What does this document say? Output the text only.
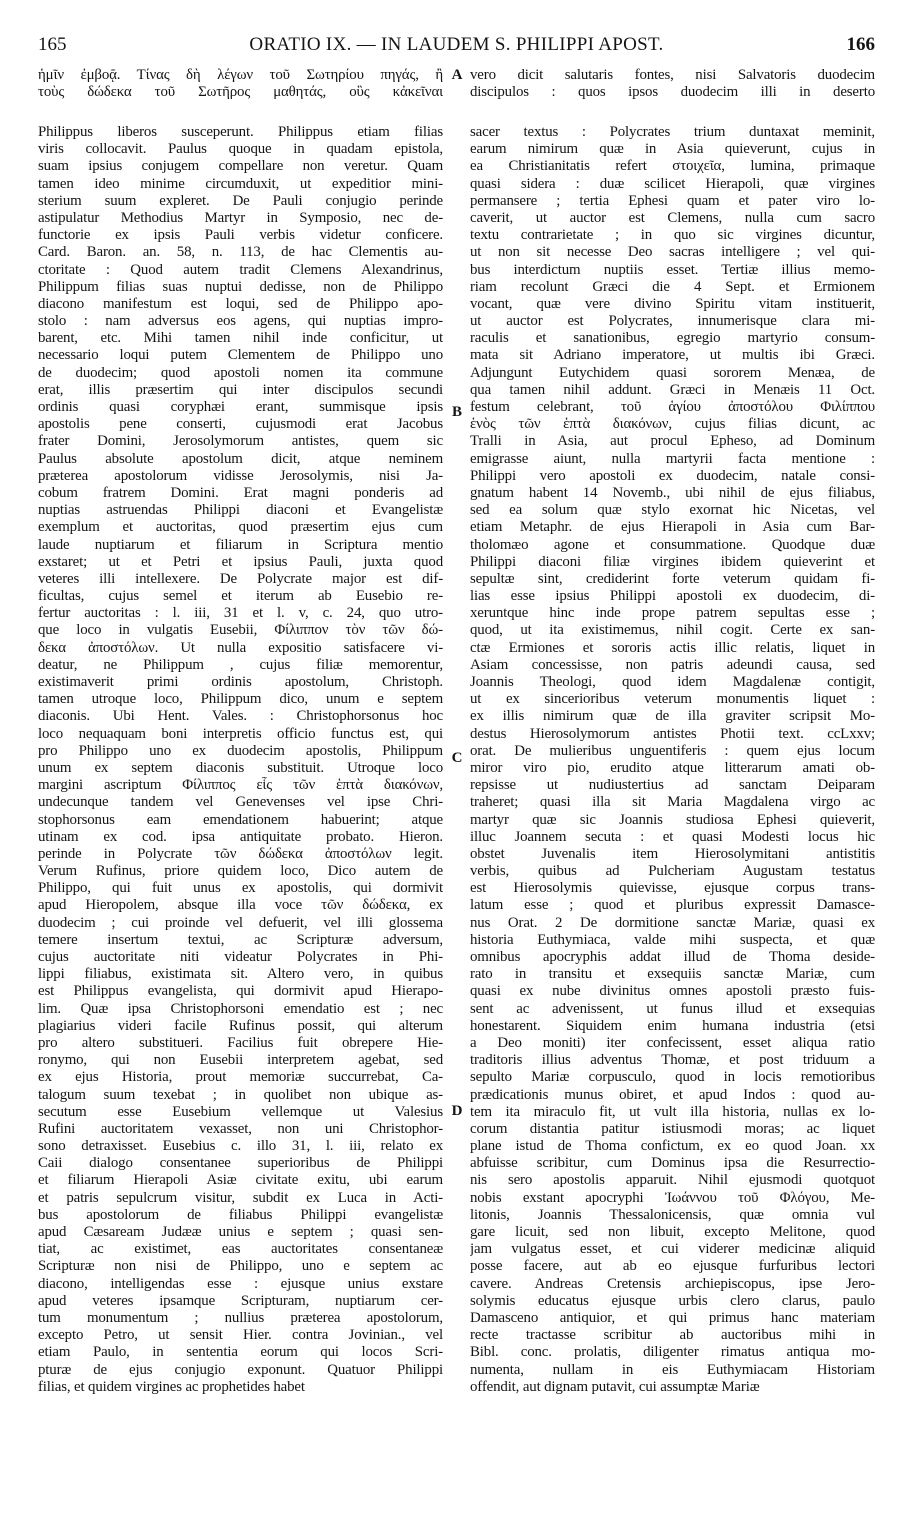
165	ORATIO IX. — IN LAUDEM S. PHILIPPI APOST.	166
ἡμῖν ἐμβοᾷ. Τίνας δὴ λέγων τοῦ Σωτηρίου πηγάς, ἢ
τοὺς δώδεκα τοῦ Σωτῆρος μαθητάς, οὓς κἀκεῖναι
vero dicit salutaris fontes, nisi Salvatoris duodecim
discipulos : quos ipsos duodecim illi in deserto
Philippus liberos susceperunt. Philippus etiam filias
viris collocavit. Paulus quoque in quadam epistola,
suam ipsius conjugem compellare non veretur. Quam
tamen ideo minime circumduxit, ut expeditior mini-
sterium suum expleret. De Pauli conjugio perinde
astipulatur Methodius Martyr in Symposio, nec de-
functorie ex ipsis Pauli verbis videtur conficere.
Card. Baron. an. 58, n. 113, de hac Clementis au-
ctoritate : Quod autem tradit Clemens Alexandrinus,
Philippum filias suas nuptui dedisse, non de Philippo
diacono manifestum est loqui, sed de Philippo apo-
stolo : nam adversus eos agens, qui nuptias impro-
barent, etc. Mihi tamen nihil inde conficitur, ut
necessario loqui putem Clementem de Philippo uno
de duodecim; quod apostoli nomen ita commune
erat, illis præsertim qui inter discipulos secundi
ordinis quasi coryphæi erant, summisque ipsis
apostolis pene consertі, cujusmodi erat Jacobus
frater Domini, Jerosolymorum antistes, quem sic
Paulus absolute apostolum dicit, atque neminem
præterea apostolorum vidisse Jerosolymis, nisi Ja-
cobum fratrem Domini. Erat magni ponderis ad
nuptias astruendas Philippi diaconi et Evangelistæ
exemplum et auctoritas, quod præsertim ejus cum
laude nuptiarum et filiarum in Scriptura mentio
exstaret; ut et Petri et ipsius Pauli, juxta quod
veteres illi intellexere. De Polycrate major est dif-
ficultas, cujus semel et iterum ab Eusebio re-
fertur auctoritas : l. iii, 31 et l. v, c. 24, quo utro-
que loco in vulgatis Eusebii, Φίλιππον τὸν τῶν δώ-
δεκα ἀποστόλων. Ut nulla expositio satisfacere vi-
deatur, ne Philippum , cujus filiæ memorentur,
existimaverit primi ordinis apostolum, Christoph.
tamen utroque loco, Philippum dico, unum e septem
diaconis. Ubi Hent. Vales. : Christophorsonus hoc
loco nequaquam boni interpretis officio functus est, qui
pro Philippo uno ex duodecim apostolis, Philippum
unum ex septem diaconis substituit. Utroque loco
margini ascriptum Φίλιππος εἷς τῶν ἑπτὰ διακόνων,
undecunque tandem vel Genevenses vel ipse Chri-
stophorsonus eam emendationem habuerint; atque
utinam ex cod. ipsa antiquitate probato. Hieron.
perinde in Polycrate τῶν δώδεκα ἀποστόλων legit.
Verum Rufinus, priore quidem loco, Dico autem de
Philippo, qui fuit unus ex apostolis, qui dormivit
apud Hieropolem, absque illa voce τῶν δώδεκα, ex
duodecim ; cui proinde vel defuerit, vel illi glossema
temere insertum textui, ac Scripturæ adversum,
cujus auctoritate niti videatur Polycrates in Phi-
lippi filiabus, existimata sit. Altero vero, in quibus
est Philippus evangelista, qui dormivit apud Hierapo-
lim. Quæ ipsa Christophorsoni emendatio est ; nec
plagiarius videri facile Rufinus possit, qui alterum
pro altero substitueri. Facilius fuit obrepere Hie-
ronymo, qui non Eusebii interpretem agebat, sed
ex ejus Historia, prout memoriæ succurrebat, Ca-
talogum suum texebat ; in quolibet non ubique as-
secutum esse Eusebium vellemque ut Valesius
Rufini auctoritatem vexasset, non uni Christophor-
sono detraxisset. Eusebius c. illo 31, l. iii, relato ex
Caii dialogo consentanee superioribus de Philippi
et filiarum Hierapoli Asiæ civitate exitu, ubi earum
et patris sepulcrum visitur, subdit ex Luca in Acti-
bus apostolorum de filiabus Philippi evangelistæ
apud Cæsaream Judææ unius e septem ; quasi sen-
tiat, ac existimet, eas auctoritates consentaneæ
Scripturæ non nisi de Philippo, uno e septem ac
diacono, intelligendas esse : ejusque unius exstare
apud veteres ipsamque Scripturam, nuptiarum cer-
tum monumentum ; nullius præterea apostolorum,
excepto Petro, ut sensit Hier. contra Jovinian., vel
etiam Paulo, in sententia eorum qui locos Scri-
pturæ de ejus conjugio exponunt. Quatuor Philippi
filias, et quidem virgines ac prophetides habet
sacer textus : Polycrates trium duntaxat meminit,
earum nimirum quæ in Asia quieverunt, cujus in
ea Christianitatis refert στοιχεῖα, lumina, primaque
quasi sidera : duæ scilicet Hierapoli, quæ virgines
permansere ; tertia Ephesi quam et pater viro lo-
caverit, ut auctor est Clemens, nulla cum sacro
textu contrarietate ; in quo sic virgines dicuntur,
ut non sit necesse Deo sacras intelligere ; vel qui-
bus interdictum nuptiis esset. Tertiæ illius memo-
riam recolunt Græci die 4 Sept. et Ermionem
vocant, quæ vere divino Spiritu vitam instituerit,
ut auctor est Polycrates, innumerisque clara mi-
raculis et sanationibus, egregio martyrio consum-
mata sit Adriano imperatore, ut multis ibi Græci.
Adjungunt Eutychidem quasi sororem Menæa, de
qua tamen nihil addunt. Græci in Menæis 11 Oct.
festum celebrant, τοῦ ἁγίου ἀποστόλου Φιλίππου
ἑνὸς τῶν ἑπτὰ διακόνων, cujus filias dicunt, ac
Tralli in Asia, aut procul Epheso, ad Dominum
emigrasse aiunt, nulla martyrii facta mentione :
Philippi vero apostoli ex duodecim, natale consi-
gnatum habent 14 Novemb., ubi nihil de ejus filiabus,
sed ea solum quæ stylo exornat hic Nicetas, vel
etiam Metaphr. de ejus Hierapoli in Asia cum Bar-
tholomæo agone et consummatione. Quodque duæ
Philippi diaconi filiæ virgines ibidem quieverint et
sepultæ sint, crediderint forte veterum quidam fi-
lias esse ipsius Philippi apostoli ex duodecim, di-
xeruntque hinc inde prope patrem sepultas esse ;
quod, ut ita existimemus, nihil cogit. Certe ex san-
ctæ Ermiones et sororis actis illic relatis, liquet in
Asiam concessisse, non patris adeundi causa, sed
Joannis Theologi, quod idem Magdalenæ contigit,
ut ex sincerioribus veterum monumentis liquet :
ex illis nimirum quæ de illa graviter scripsit Mo-
destus Hierosolymorum antistes Photii text. ccLxxv;
orat. De mulieribus unguentiferis : quem ejus locum
miror viro pio, erudito atque litterarum amati ob-
repsisse ut nudiustertius ad sanctam Deiparam
traheret; quasi illa sit Maria Magdalena virgo ac
martyr quæ sic Joannis studiosa Ephesi quieverit,
illuc Joannem secuta : et quasi Modesti locus hic
obstet Juvenalis item Hierosolymitani antistitis
verbis, quibus ad Pulcheriam Augustam testatus
est Hierosolymis quievisse, ejusque corpus trans-
latum esse ; quod et pluribus expressit Damasce-
nus Orat. 2 De dormitione sanctæ Mariæ, quasi ex
historia Euthymiaca, valde mihi suspecta, et quæ
omnibus apocryphis addat illud de Thoma deside-
rato in transitu et exsequiis sanctæ Mariæ, cum
quasi ex nube divinitus omnes apostoli præsto fuis-
sent ac advenissent, ut funus illud et exsequias
honestarent. Siquidem enim humana industria (etsi
a Deo moniti) iter confecissent, esset aliqua ratio
traditoris illius adventus Thomæ, et post triduum a
sepulto Mariæ corpusculo, quod in locis remotioribus
prædicationis munus obiret, et apud Indos : quod au-
tem ita miraculo fit, ut vult illa historia, nullas ex lo-
corum distantia patitur istiusmodi moras; ac liquet
plane istud de Thoma confictum, ex eo quod Joan. xx
abfuisse scribitur, cum Dominus ipsa die Resurrectio-
nis sero apostolis apparuit. Nihil ejusmodi quotquot
nobis exstant apocryphi Ἰωάννου τοῦ Φλόγου, Me-
litonis, Joannis Thessalonicensis, quæ omnia vul
gare licuit, sed non libuit, excepto Melitone, quod
jam vulgatus esset, et cui viderer medicinæ aliquid
posse facere, aut ab eo ejusque furfuribus lectori
cavere. Andreas Cretensis archiepiscopus, ipse Jero-
solymis educatus ejusque urbis clero clarus, paulo
Damasceno antiquior, et qui primus hanc materiam
recte tractasse scribitur ab auctoribus mihi in
Bibl. conc. prolatis, diligenter rimatus antiqua mo-
numenta, nullam in eis Euthymiacam Historiam
offendit, aut dignam putavit, cui assumptæ Mariæ
A
B
C
D
